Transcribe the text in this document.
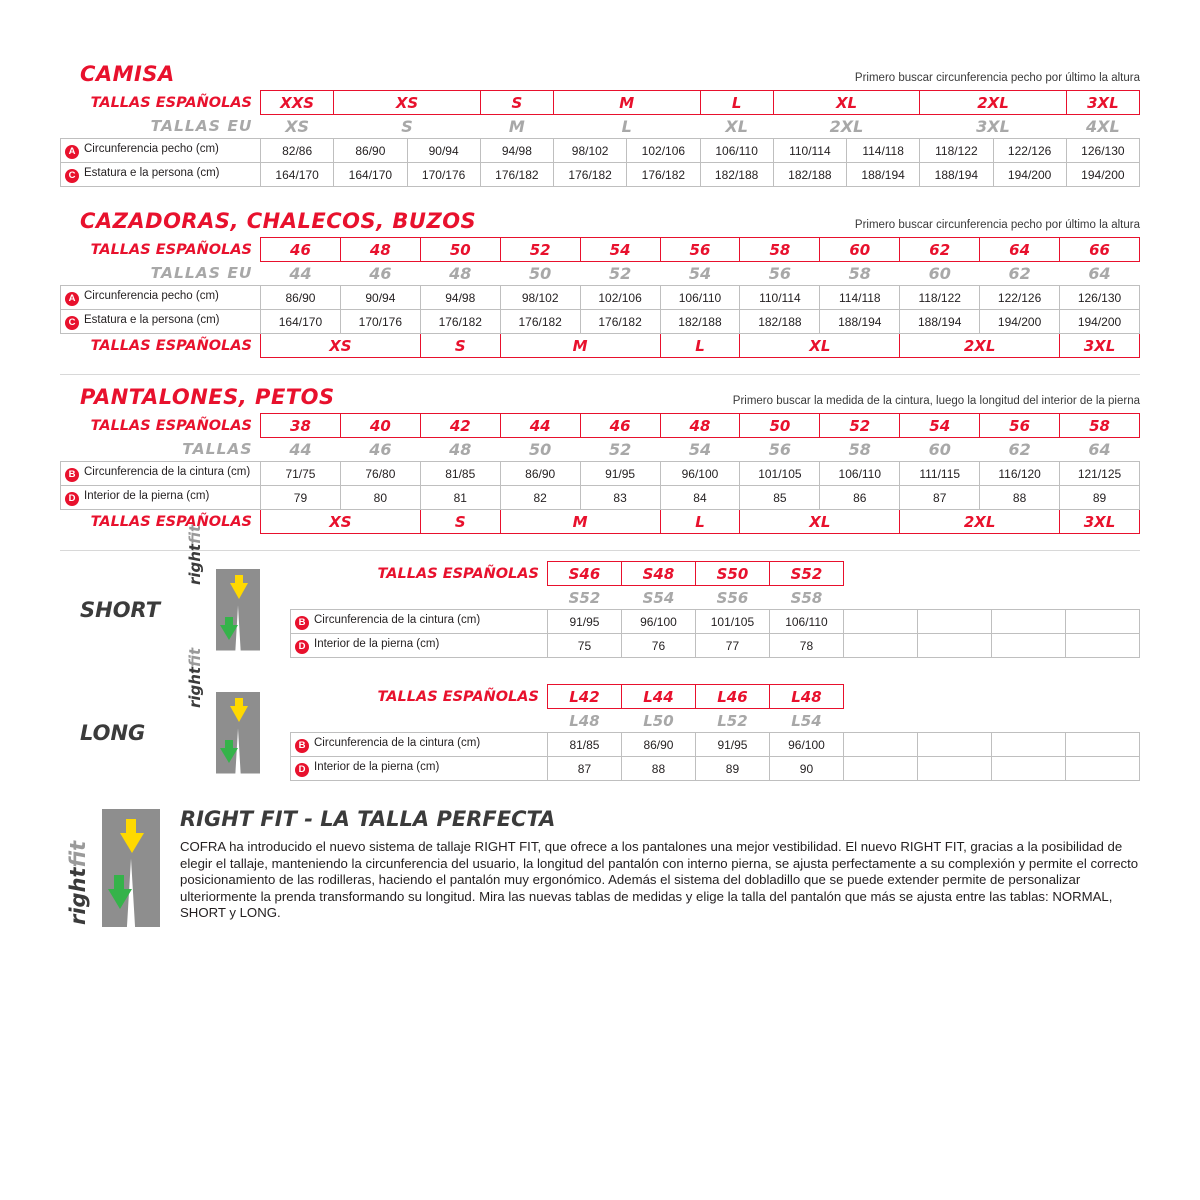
CAMISA	Primero buscar circunferencia pecho por último la altura
TALLAS ESPAÑOLAS	XXS	XS		S	M		L	XL		2XL		3XL
TALLAS EU	XS	S		M	L		XL	2XL		3XL		4XL
A Circunferencia pecho (cm)	82/86	86/90	90/94	94/98	98/102	102/106	106/110	110/114	114/118	118/122	122/126	126/130
C Estatura e la persona (cm)	164/170	164/170	170/176	176/182	176/182	176/182	182/188	182/188	188/194	188/194	194/200	194/200
CAZADORAS, CHALECOS, BUZOS	Primero buscar circunferencia pecho por último la altura
TALLAS ESPAÑOLAS	46	48	50	52	54	56	58	60	62	64	66
TALLAS EU	44	46	48	50	52	54	56	58	60	62	64
A Circunferencia pecho (cm)	86/90	90/94	94/98	98/102	102/106	106/110	110/114	114/118	118/122	122/126	126/130
C Estatura e la persona (cm)	164/170	170/176	176/182	176/182	176/182	182/188	182/188	188/194	188/194	194/200	194/200
TALLAS ESPAÑOLAS	XS		S	M		L	XL		2XL		3XL
PANTALONES, PETOS	Primero buscar la medida de la cintura, luego la longitud del interior de la pierna
TALLAS ESPAÑOLAS	38	40	42	44	46	48	50	52	54	56	58
TALLAS	44	46	48	50	52	54	56	58	60	62	64
B Circunferencia de la cintura (cm)	71/75	76/80	81/85	86/90	91/95	96/100	101/105	106/110	111/115	116/120	121/125
D Interior de la pierna (cm)	79	80	81	82	83	84	85	86	87	88	89
TALLAS ESPAÑOLAS	XS		S	M		L	XL		2XL		3XL
SHORT
rightfit
TALLAS ESPAÑOLAS	S46	S48	S50	S52				
	S52	S54	S56	S58				
B Circunferencia de la cintura (cm)	91/95	96/100	101/105	106/110				
D Interior de la pierna (cm)	75	76	77	78				
LONG
rightfit
TALLAS ESPAÑOLAS	L42	L44	L46	L48				
	L48	L50	L52	L54				
B Circunferencia de la cintura (cm)	81/85	86/90	91/95	96/100				
D Interior de la pierna (cm)	87	88	89	90				
rightfit
RIGHT FIT - LA TALLA PERFECTA
COFRA ha introducido el nuevo sistema de tallaje RIGHT FIT, que ofrece a los pantalones una mejor vestibilidad. El nuevo RIGHT FIT, gracias a la posibilidad de elegir el tallaje, manteniendo la circunferencia del usuario, la longitud del pantalón con interno pierna, se ajusta perfectamente a su complexión y permite el correcto posicionamiento de las rodilleras, haciendo el pantalón muy ergonómico. Además el sistema del dobladillo que se puede extender permite de personalizar ulteriormente la prenda transformando su longitud. Mira las nuevas tablas de medidas y elige la talla del pantalón que más se ajusta entre las tablas: NORMAL, SHORT y LONG.
